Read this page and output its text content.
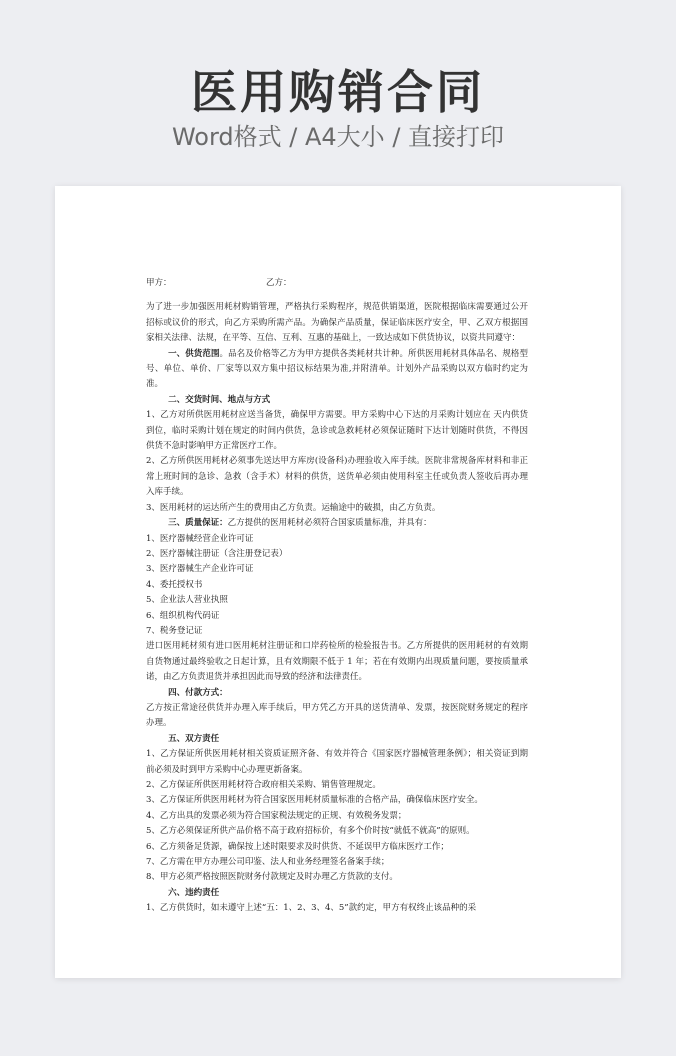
医用购销合同
Word格式 / A4大小 / 直接打印
甲方：	乙方：

为了进一步加强医用耗材购销管理，严格执行采购程序，规范供销渠道，医院根据临床需要通过公开招标或议价的形式，向乙方采购所需产品。为确保产品质量，保证临床医疗安全，甲、乙双方根据国家相关法律、法规，在平等、互信、互利、互惠的基础上，一致达成如下供货协议，以资共同遵守：

一、供货范围。品名及价格等乙方为甲方提供各类耗材共计种。所供医用耗材具体品名、规格型号、单位、单价、厂家等以双方集中招议标结果为准,并附清单。计划外产品采购以双方临时约定为准。

二、交货时间、地点与方式

1、乙方对所供医用耗材应送当备货，确保甲方需要。甲方采购中心下达的月采购计划应在 天内供货到位，临时采购计划在规定的时间内供货，急诊或急救耗材必须保证随时下达计划随时供货，不得因供货不急时影响甲方正常医疗工作。

2、乙方所供医用耗材必须事先送达甲方库房(设备科)办理验收入库手续。医院非常规备库材料和非正常上班时间的急诊、急救（含手术）材料的供货，送货单必须由使用科室主任或负责人签收后再办理入库手续。

3、医用耗材的运达所产生的费用由乙方负责。运输途中的破损，由乙方负责。

三、质量保证：乙方提供的医用耗材必须符合国家质量标准，并具有：

1、医疗器械经营企业许可证

2、医疗器械注册证（含注册登记表）

3、医疗器械生产企业许可证

4、委托授权书

5、企业法人营业执照

6、组织机构代码证

7、税务登记证

进口医用耗材须有进口医用耗材注册证和口岸药检所的检验报告书。乙方所提供的医用耗材的有效期自货物通过最终验收之日起计算，且有效期限不低于 1 年；若在有效期内出现质量问题，要按质量承诺，由乙方负责退货并承担因此而导致的经济和法律责任。

四、付款方式：

乙方按正常途径供货并办理入库手续后，甲方凭乙方开具的送货清单、发票，按医院财务规定的程序办理。

五、双方责任

1、乙方保证所供医用耗材相关资质证照齐备、有效并符合《国家医疗器械管理条例》；相关资证到期前必须及时到甲方采购中心办理更新备案。

2、乙方保证所供医用耗材符合政府相关采购、销售管理规定。

3、乙方保证所供医用耗材为符合国家医用耗材质量标准的合格产品，确保临床医疗安全。

4、乙方出具的发票必须为符合国家税法规定的正规、有效税务发票；

5、乙方必须保证所供产品价格不高于政府招标价，有多个价时按“就低不就高”的原则。

6、乙方须备足货源，确保按上述时限要求及时供货、不延误甲方临床医疗工作；

7、乙方需在甲方办理公司印鉴、法人和业务经理签名备案手续；

8、甲方必须严格按照医院财务付款规定及时办理乙方货款的支付。

六、违约责任

1、乙方供货时，如未遵守上述“五：1、2、3、4、5”款约定，甲方有权终止该品种的采
